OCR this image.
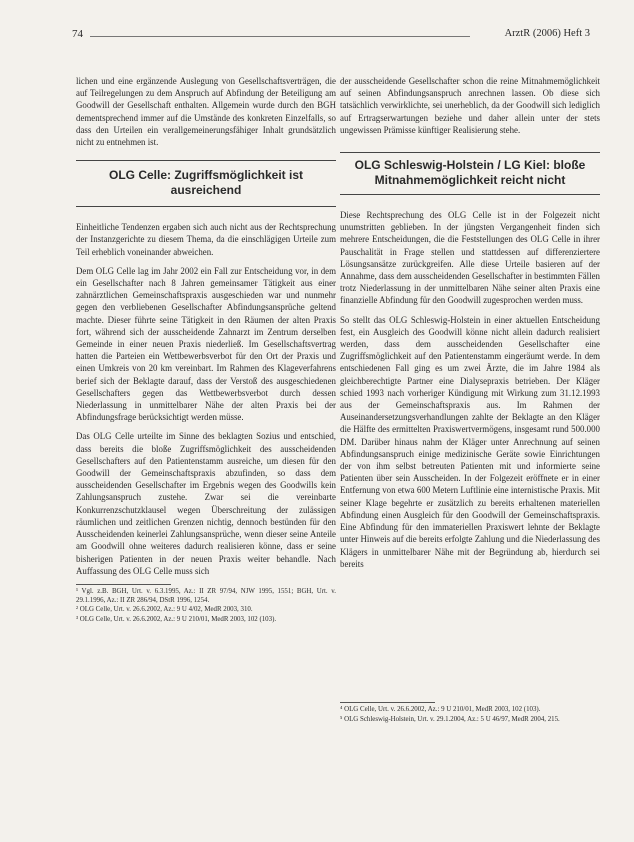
74	ArztR (2006) Heft 3

lichen und eine ergänzende Auslegung von Gesellschaftsverträgen, die auf Teilregelungen zu dem Anspruch auf Abfindung der Beteiligung am Goodwill der Gesellschaft enthalten. Allgemein wurde durch den BGH dementsprechend immer auf die Umstände des konkreten Einzelfalls, so dass den Urteilen ein verallgemeinerungsfähiger Inhalt grundsätzlich nicht zu entnehmen ist.

OLG Celle: Zugriffsmöglichkeit ist ausreichend

Einheitliche Tendenzen ergaben sich auch nicht aus der Rechtsprechung der Instanzgerichte zu diesem Thema, da die einschlägigen Urteile zum Teil erheblich voneinander abweichen.

Dem OLG Celle lag im Jahr 2002 ein Fall zur Entscheidung vor, in dem ein Gesellschafter nach 8 Jahren gemeinsamer Tätigkeit aus einer zahnärztlichen Gemeinschaftspraxis ausgeschieden war und nunmehr gegen den verbliebenen Gesellschafter Abfindungsansprüche geltend machte. Dieser führte seine Tätigkeit in den Räumen der alten Praxis fort, während sich der ausscheidende Zahnarzt im Zentrum derselben Gemeinde in einer neuen Praxis niederließ. Im Gesellschaftsvertrag hatten die Parteien ein Wettbewerbsverbot für den Ort der Praxis und einen Umkreis von 20 km vereinbart. Im Rahmen des Klageverfahrens berief sich der Beklagte darauf, dass der Verstoß des ausgeschiedenen Gesellschafters gegen das Wettbewerbsverbot durch dessen Niederlassung in unmittelbarer Nähe der alten Praxis bei der Abfindungsfrage berücksichtigt werden müsse.

Das OLG Celle urteilte im Sinne des beklagten Sozius und entschied, dass bereits die bloße Zugriffsmöglichkeit des ausscheidenden Gesellschafters auf den Patientenstamm ausreiche, um diesen für den Goodwill der Gemeinschaftspraxis abzufinden, so dass dem ausscheidenden Gesellschafter im Ergebnis wegen des Goodwills kein Zahlungsanspruch zustehe. Zwar sei die vereinbarte Konkurrenzschutzklausel wegen Überschreitung der zulässigen räumlichen und zeitlichen Grenzen nichtig, dennoch bestünden für den Ausscheidenden keinerlei Zahlungsansprüche, wenn dieser seine Anteile am Goodwill ohne weiteres dadurch realisieren könne, dass er seine bisherigen Patienten in der neuen Praxis weiter behandle. Nach Auffassung des OLG Celle muss sich

¹ Vgl. z.B. BGH, Urt. v. 6.3.1995, Az.: II ZR 97/94, NJW 1995, 1551; BGH, Urt. v. 29.1.1996, Az.: II ZR 286/94, DStR 1996, 1254.

² OLG Celle, Urt. v. 26.6.2002, Az.: 9 U 4/02, MedR 2003, 310.

³ OLG Celle, Urt. v. 26.6.2002, Az.: 9 U 210/01, MedR 2003, 102 (103).

der ausscheidende Gesellschafter schon die reine Mitnahmemöglichkeit auf seinen Abfindungsanspruch anrechnen lassen. Ob diese sich tatsächlich verwirklichte, sei unerheblich, da der Goodwill sich lediglich auf Ertragserwartungen beziehe und daher allein unter der stets ungewissen Prämisse künftiger Realisierung stehe.

OLG Schleswig-Holstein / LG Kiel: bloße Mitnahmemöglichkeit reicht nicht

Diese Rechtsprechung des OLG Celle ist in der Folgezeit nicht unumstritten geblieben. In der jüngsten Vergangenheit finden sich mehrere Entscheidungen, die die Feststellungen des OLG Celle in ihrer Pauschalität in Frage stellen und stattdessen auf differenziertere Lösungsansätze zurückgreifen. Alle diese Urteile basieren auf der Annahme, dass dem ausscheidenden Gesellschafter in bestimmten Fällen trotz Niederlassung in der unmittelbaren Nähe seiner alten Praxis eine finanzielle Abfindung für den Goodwill zugesprochen werden muss.

So stellt das OLG Schleswig-Holstein in einer aktuellen Entscheidung fest, ein Ausgleich des Goodwill könne nicht allein dadurch realisiert werden, dass dem ausscheidenden Gesellschafter eine Zugriffsmöglichkeit auf den Patientenstamm eingeräumt werde. In dem entschiedenen Fall ging es um zwei Ärzte, die im Jahre 1984 als gleichberechtigte Partner eine Dialysepraxis betrieben. Der Kläger schied 1993 nach vorheriger Kündigung mit Wirkung zum 31.12.1993 aus der Gemeinschaftspraxis aus. Im Rahmen der Auseinandersetzungsverhandlungen zahlte der Beklagte an den Kläger die Hälfte des ermittelten Praxiswertvermögens, insgesamt rund 500.000 DM. Darüber hinaus nahm der Kläger unter Anrechnung auf seinen Abfindungsanspruch einige medizinische Geräte sowie Einrichtungen der von ihm selbst betreuten Patienten mit und informierte seine Patienten über sein Ausscheiden. In der Folgezeit eröffnete er in einer Entfernung von etwa 600 Metern Luftlinie eine internistische Praxis. Mit seiner Klage begehrte er zusätzlich zu bereits erhaltenen materiellen Abfindung einen Ausgleich für den Goodwill der Gemeinschaftspraxis. Eine Abfindung für den immateriellen Praxiswert lehnte der Beklagte unter Hinweis auf die bereits erfolgte Zahlung und die Niederlassung des Klägers in unmittelbarer Nähe mit der Begründung ab, hierdurch sei bereits

⁴ OLG Celle, Urt. v. 26.6.2002, Az.: 9 U 210/01, MedR 2003, 102 (103).

⁵ OLG Schleswig-Holstein, Urt. v. 29.1.2004, Az.: 5 U 46/97, MedR 2004, 215.
